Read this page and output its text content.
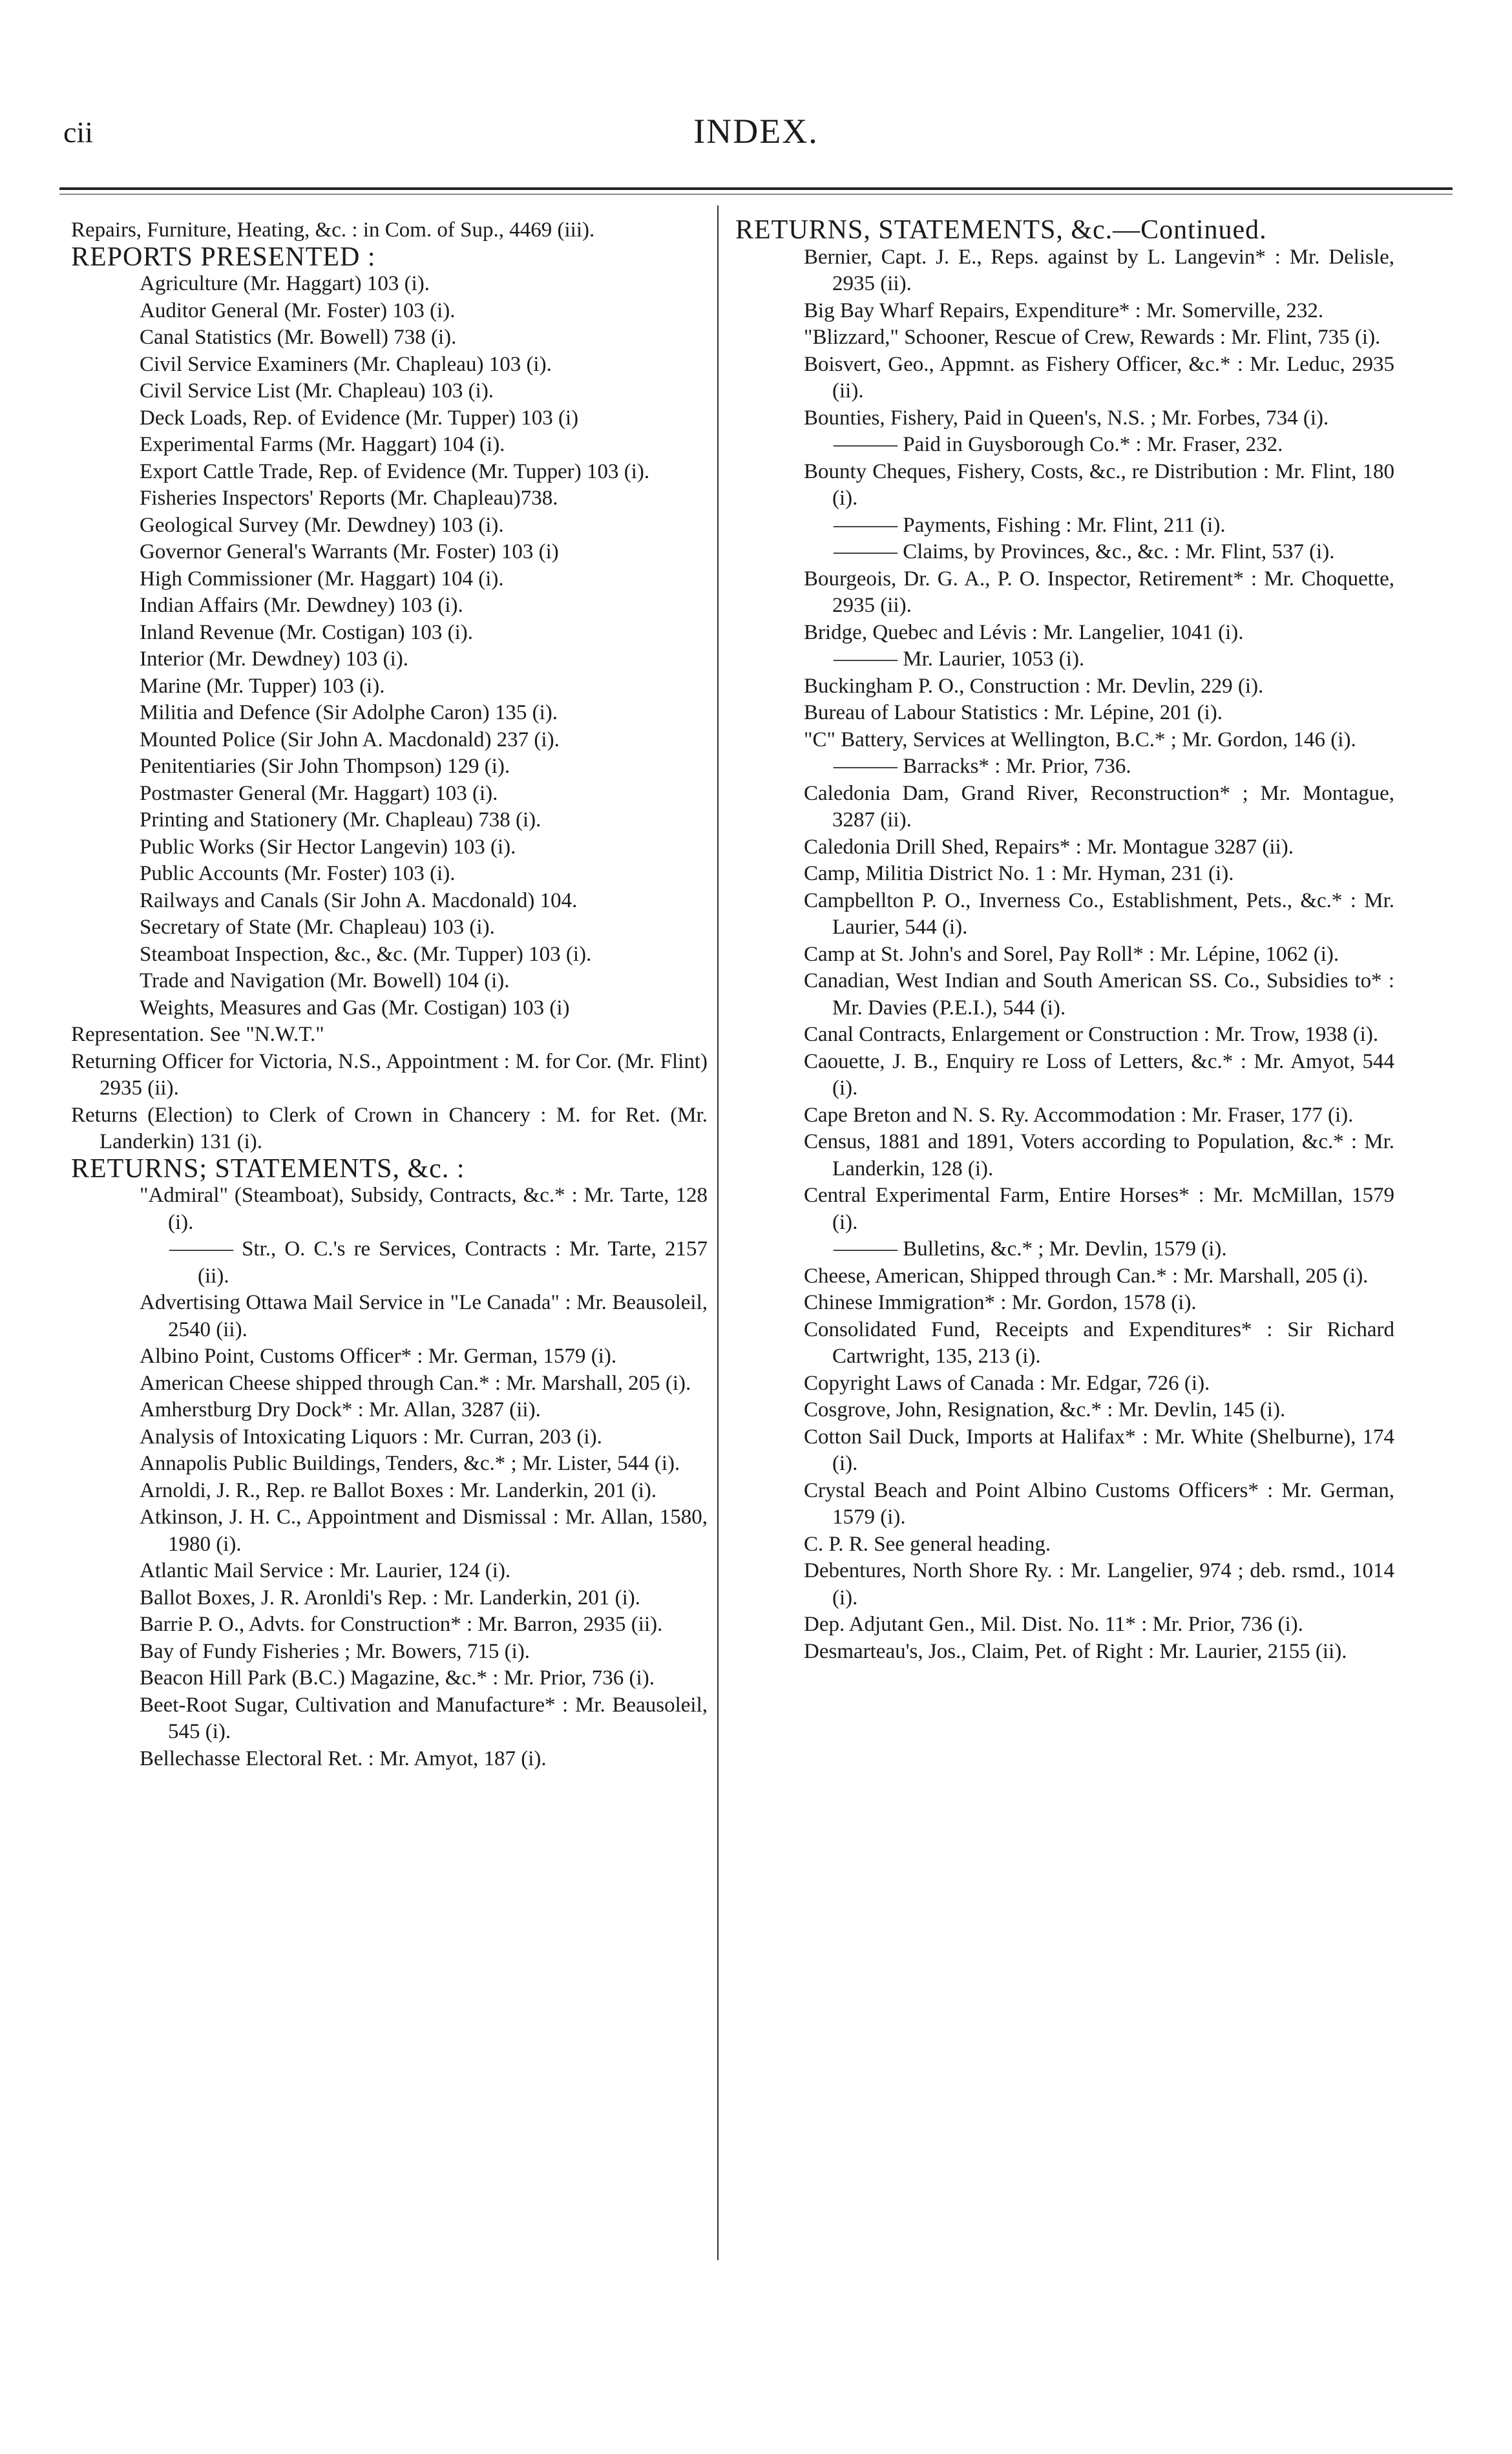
cii	INDEX.
Repairs, Furniture, Heating, &c. : in Com. of Sup., 4469 (iii).
REPORTS PRESENTED :
Agriculture (Mr. Haggart) 103 (i).
Auditor General (Mr. Foster) 103 (i).
Canal Statistics (Mr. Bowell) 738 (i).
Civil Service Examiners (Mr. Chapleau) 103 (i).
Civil Service List (Mr. Chapleau) 103 (i).
Deck Loads, Rep. of Evidence (Mr. Tupper) 103 (i)
Experimental Farms (Mr. Haggart) 104 (i).
Export Cattle Trade, Rep. of Evidence (Mr. Tupper) 103 (i).
Fisheries Inspectors' Reports (Mr. Chapleau)738.
Geological Survey (Mr. Dewdney) 103 (i).
Governor General's Warrants (Mr. Foster) 103 (i)
High Commissioner (Mr. Haggart) 104 (i).
Indian Affairs (Mr. Dewdney) 103 (i).
Inland Revenue (Mr. Costigan) 103 (i).
Interior (Mr. Dewdney) 103 (i).
Marine (Mr. Tupper) 103 (i).
Militia and Defence (Sir Adolphe Caron) 135 (i).
Mounted Police (Sir John A. Macdonald) 237 (i).
Penitentiaries (Sir John Thompson) 129 (i).
Postmaster General (Mr. Haggart) 103 (i).
Printing and Stationery (Mr. Chapleau) 738 (i).
Public Works (Sir Hector Langevin) 103 (i).
Public Accounts (Mr. Foster) 103 (i).
Railways and Canals (Sir John A. Macdonald) 104.
Secretary of State (Mr. Chapleau) 103 (i).
Steamboat Inspection, &c., &c. (Mr. Tupper) 103 (i).
Trade and Navigation (Mr. Bowell) 104 (i).
Weights, Measures and Gas (Mr. Costigan) 103 (i)
Representation. See "N.W.T."
Returning Officer for Victoria, N.S., Appointment : M. for Cor. (Mr. Flint) 2935 (ii).
Returns (Election) to Clerk of Crown in Chancery : M. for Ret. (Mr. Landerkin) 131 (i).
RETURNS; STATEMENTS, &c. :
"Admiral" (Steamboat), Subsidy, Contracts, &c.* : Mr. Tarte, 128 (i).
——— Str., O. C.'s re Services, Contracts : Mr. Tarte, 2157 (ii).
Advertising Ottawa Mail Service in "Le Canada" : Mr. Beausoleil, 2540 (ii).
Albino Point, Customs Officer* : Mr. German, 1579 (i).
American Cheese shipped through Can.* : Mr. Marshall, 205 (i).
Amherstburg Dry Dock* : Mr. Allan, 3287 (ii).
Analysis of Intoxicating Liquors : Mr. Curran, 203 (i).
Annapolis Public Buildings, Tenders, &c.* ; Mr. Lister, 544 (i).
Arnoldi, J. R., Rep. re Ballot Boxes : Mr. Landerkin, 201 (i).
Atkinson, J. H. C., Appointment and Dismissal : Mr. Allan, 1580, 1980 (i).
Atlantic Mail Service : Mr. Laurier, 124 (i).
Ballot Boxes, J. R. Aronldi's Rep. : Mr. Landerkin, 201 (i).
Barrie P. O., Advts. for Construction* : Mr. Barron, 2935 (ii).
Bay of Fundy Fisheries ; Mr. Bowers, 715 (i).
Beacon Hill Park (B.C.) Magazine, &c.* : Mr. Prior, 736 (i).
Beet-Root Sugar, Cultivation and Manufacture* : Mr. Beausoleil, 545 (i).
Bellechasse Electoral Ret. : Mr. Amyot, 187 (i).
RETURNS, STATEMENTS, &c.—Continued.
Bernier, Capt. J. E., Reps. against by L. Langevin* : Mr. Delisle, 2935 (ii).
Big Bay Wharf Repairs, Expenditure* : Mr. Somerville, 232.
"Blizzard," Schooner, Rescue of Crew, Rewards : Mr. Flint, 735 (i).
Boisvert, Geo., Appmnt. as Fishery Officer, &c.* : Mr. Leduc, 2935 (ii).
Bounties, Fishery, Paid in Queen's, N.S. ; Mr. Forbes, 734 (i).
——— Paid in Guysborough Co.* : Mr. Fraser, 232.
Bounty Cheques, Fishery, Costs, &c., re Distribution : Mr. Flint, 180 (i).
——— Payments, Fishing : Mr. Flint, 211 (i).
——— Claims, by Provinces, &c., &c. : Mr. Flint, 537 (i).
Bourgeois, Dr. G. A., P. O. Inspector, Retirement* : Mr. Choquette, 2935 (ii).
Bridge, Quebec and Lévis : Mr. Langelier, 1041 (i).
——— Mr. Laurier, 1053 (i).
Buckingham P. O., Construction : Mr. Devlin, 229 (i).
Bureau of Labour Statistics : Mr. Lépine, 201 (i).
"C" Battery, Services at Wellington, B.C.* ; Mr. Gordon, 146 (i).
——— Barracks* : Mr. Prior, 736.
Caledonia Dam, Grand River, Reconstruction* ; Mr. Montague, 3287 (ii).
Caledonia Drill Shed, Repairs* : Mr. Montague 3287 (ii).
Camp, Militia District No. 1 : Mr. Hyman, 231 (i).
Campbellton P. O., Inverness Co., Establishment, Pets., &c.* : Mr. Laurier, 544 (i).
Camp at St. John's and Sorel, Pay Roll* : Mr. Lépine, 1062 (i).
Canadian, West Indian and South American SS. Co., Subsidies to* : Mr. Davies (P.E.I.), 544 (i).
Canal Contracts, Enlargement or Construction : Mr. Trow, 1938 (i).
Caouette, J. B., Enquiry re Loss of Letters, &c.* : Mr. Amyot, 544 (i).
Cape Breton and N. S. Ry. Accommodation : Mr. Fraser, 177 (i).
Census, 1881 and 1891, Voters according to Population, &c.* : Mr. Landerkin, 128 (i).
Central Experimental Farm, Entire Horses* : Mr. McMillan, 1579 (i).
——— Bulletins, &c.* ; Mr. Devlin, 1579 (i).
Cheese, American, Shipped through Can.* : Mr. Marshall, 205 (i).
Chinese Immigration* : Mr. Gordon, 1578 (i).
Consolidated Fund, Receipts and Expenditures* : Sir Richard Cartwright, 135, 213 (i).
Copyright Laws of Canada : Mr. Edgar, 726 (i).
Cosgrove, John, Resignation, &c.* : Mr. Devlin, 145 (i).
Cotton Sail Duck, Imports at Halifax* : Mr. White (Shelburne), 174 (i).
Crystal Beach and Point Albino Customs Officers* : Mr. German, 1579 (i).
C. P. R. See general heading.
Debentures, North Shore Ry. : Mr. Langelier, 974 ; deb. rsmd., 1014 (i).
Dep. Adjutant Gen., Mil. Dist. No. 11* : Mr. Prior, 736 (i).
Desmarteau's, Jos., Claim, Pet. of Right : Mr. Laurier, 2155 (ii).
